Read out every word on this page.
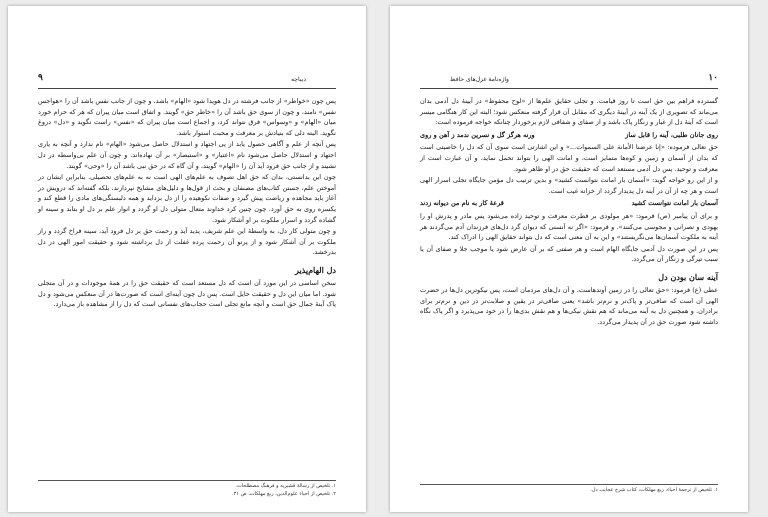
۹	دیباچه

پس چون «خواطر» از جانب فرشته در دل هویدا شود «الهام» باشد، و چون از جانب نفس باشد آن را «هواجس نفس» نامند، و چون از سوی حق باشد آن را «خاطر حق» گویند. و اتفاق است میان پیران که هر که حرام خورد میان «الهام» و «وسواس» فرق نتواند کرد، و اجماع است میان پیران که «نفس» راست نگوید و «دل» دروغ نگوید. البته دلی که بنیادش بر معرفت و محبت استوار باشد.

پس آنچه از علم و آگاهی حصول یابد از پی اجتهاد و استدلال حاصل می‌شود «الهام» نام ندارد و آنچه به یاری اجتهاد و استدلال حاصل می‌شود نام «اعتبار» و «استبصار» بر آن نهاده‌اند. و چون آن علم بی‌واسطه در دل نشیند و از جانب حق فرود آید آن را «الهام» گویند، و آن گاه که در حق نبی باشد آن را «وحی» گویند.

چون این بدانستی، بدان که حق اهل تصوف به علم‌های الهی است نه به علم‌های تحصیلی. بنابراین ایشان در آموختن علم، جستن کتاب‌های مصنفان و بحث از قول‌ها و دلیل‌های مشایخ نپردازند، بلکه گفته‌اند که درویش در آغاز باید مجاهده و ریاضت پیش گیرد و صفات نکوهیده را از دل بزداید و همه دلبستگی‌های مادی را قطع کند و یکسره روی به حق آورد. چون چنین کرد خداوند متعال متولی دل او گردد و انوار علم بر دل او بتابد و سینه او گشاده گردد و اسرار ملکوت بر او آشکار شود.

و چون متولی کار دل، به واسطهٔ این علم شریف، پدید آید و رحمت حق بر دل فرود آید، سینه فراخ گردد و راز ملکوت بر آن آشکار شود و از پرتو آن رحمت پرده غفلت از دل برداشته شود و حقیقت امور الهی در دل بدرخشد.

دل الهام‌پذیر

سخن اساسی در این مورد آن است که دل مستعد است که حقیقت حق را در همهٔ موجودات و در آن متجلی شود. اما میان این دل و حقیقت حایل است. پس دل چون آینه‌ای است که صورت‌ها در آن منعکس می‌شود و دل پاک آینهٔ جمال حق است و آنچه مانع تجلی است حجاب‌های نفسانی است که دل را از مشاهده باز می‌دارد.

۱. تلخیص از رسالهٔ قشیریه و فرهنگ مصطلحات.

۲. تلخیص از احیاء علوم‌الدین، ربع مهلکات، ص ۳۱.

۱۰
واژه‌نامهٔ غزل‌های حافظ

گسترده فراهم بین حق است تا روز قیامت. و تجلی حقایق علم‌ها از «لوح محفوظ» در آیینهٔ دل آدمی بدان می‌ماند که تصویری از یک آینه در آیینهٔ دیگری که مقابل آن قرار گرفته منعکس شود؛ البته این کار هنگامی میسر است که آینهٔ دل از غبار و زنگار پاک باشد و از صفای و شفافی لازم برخوردار چنانکه خواجه فرموده است:

روی جانان طلبی، آینه را قابل ساز
ورنه هرگز گل و نسرین ندمد ز آهن و روی

حق تعالی فرموده: «إنا عرضنا الأمانة علی السموات...» و این اشارتی است سوی آن که دل را خاصیتی است که بدان از آسمان و زمین و کوه‌ها متمایز است، و امانت الهی را بتواند تحمل نماید، و آن عبارت است از معرفت و توحید. پس دل آدمی مستعد است که حقیقت حق در او ظاهر شود.

و از این رو خواجه گوید: «آسمان بار امانت نتوانست کشید» و بدین ترتیب دل مؤمن جایگاه تجلی اسرار الهی است و هر چه از آن در آینه دل پدیدار گردد از خزانه غیب است.

آسمان بار امانت نتوانست کشید
قرعهٔ کار به نام من دیوانه زدند

و برای آن پیامبر (ص) فرمود: «هر مولودی بر فطرت معرفت و توحید زاده می‌شود پس مادر و پدرش او را یهودی و نصرانی و مجوسی می‌کنند». و فرمود: «اگر نه آنستی که دیوان گرد دل‌های فرزندان آدم می‌گردند هر آینه به ملکوت آسمان‌ها می‌نگریستند» و این به آن معنی است که دل بتواند حقایق الهی را ادراک کند.

پس در این صورت دل آدمی جایگاه الهام است و هر صفتی که بر آن عارض شود یا موجب جلا و صفای آن یا سبب تیرگی و زنگار آن می‌گردد.

آینه سان بودن دل

عطی (ع) فرمود: «حق تعالی را در زمین آوندهاست، و آن دل‌های مردمان است، پس نیکوترین دل‌ها در حضرت الهی آن است که صافی‌تر و پاک‌تر و نرم‌تر باشد» یعنی صافی‌تر در یقین و صلابت‌تر در دین و نرم‌تر برای برادران. و همچنین دل به آینه می‌ماند که هم نقش نیکی‌ها و هم نقش بدی‌ها را در خود می‌پذیرد و اگر پاک نگاه داشته شود صورت حق در آن پدیدار می‌گردد.

۱. تلخیص از ترجمهٔ احیاء، ربع مهلکات، کتاب شرح عجایب دل.
